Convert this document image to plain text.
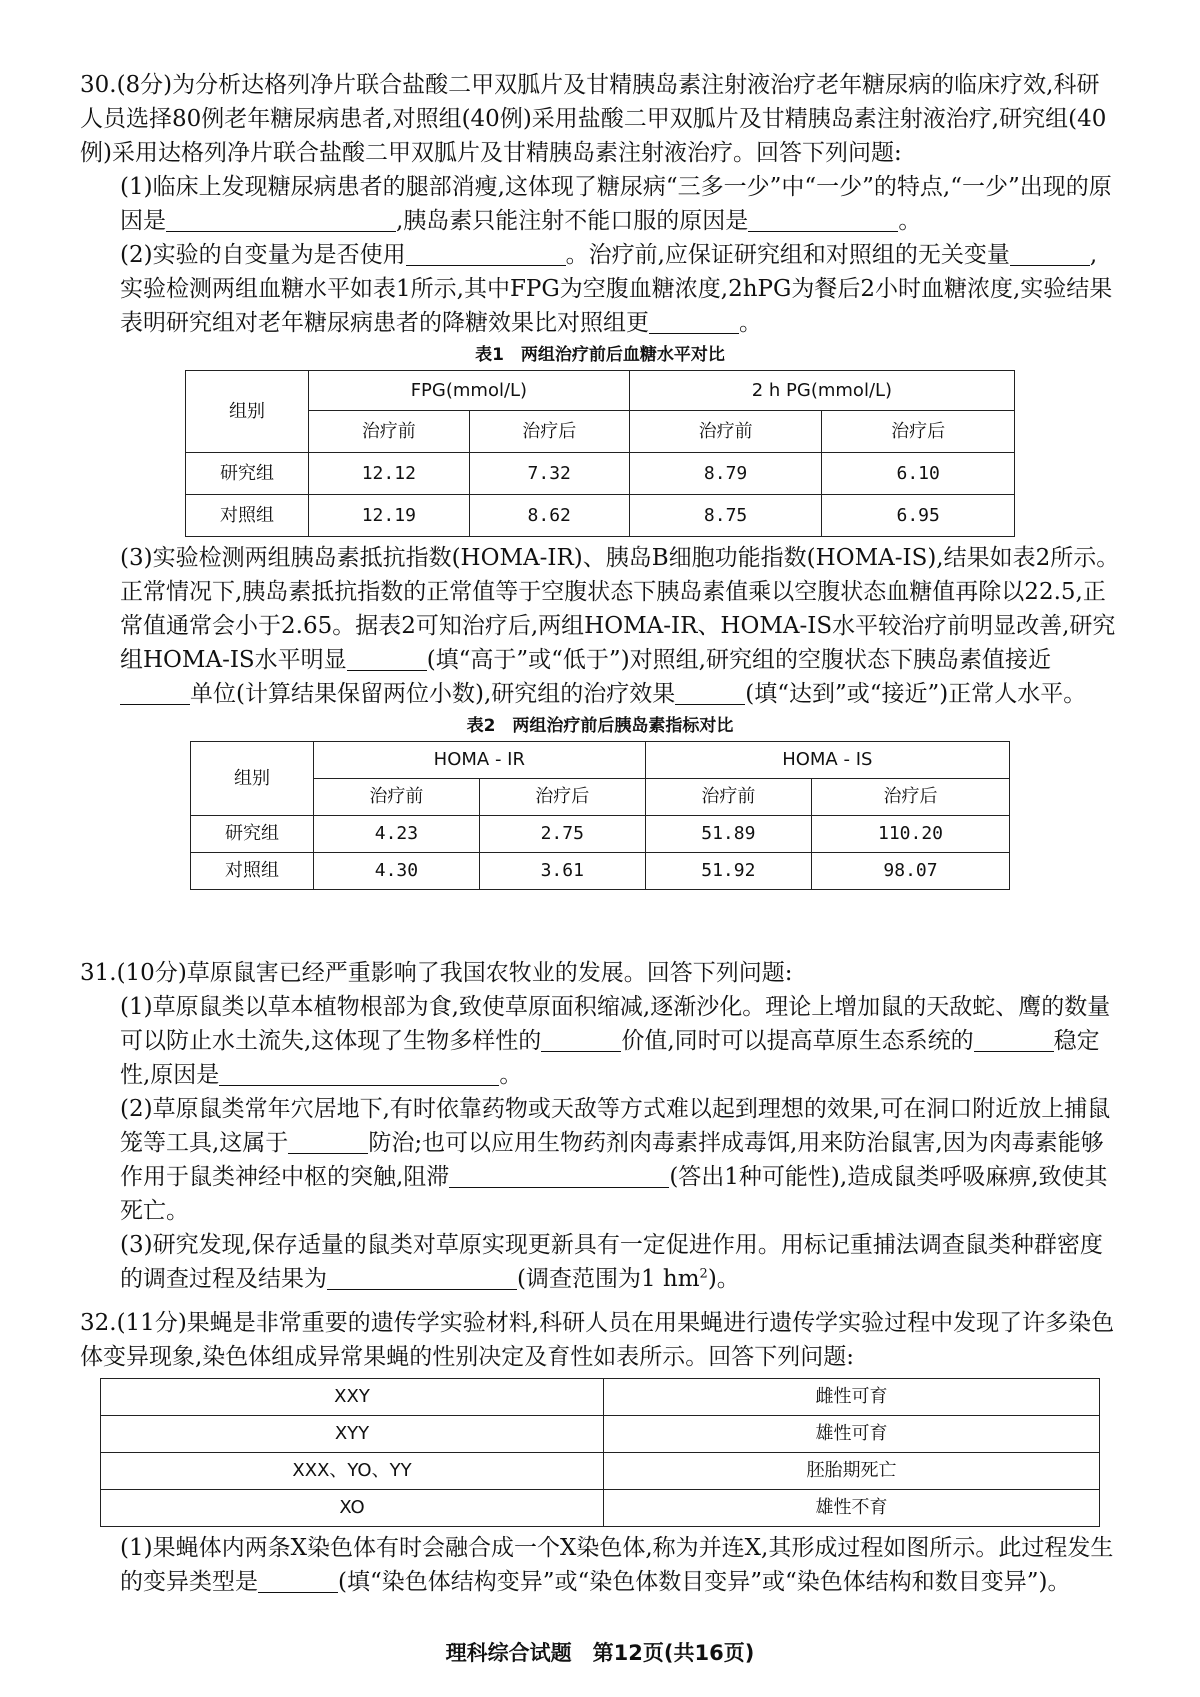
30.(8分)为分析达格列净片联合盐酸二甲双胍片及甘精胰岛素注射液治疗老年糖尿病的临床疗效,科研人员选择80例老年糖尿病患者,对照组(40例)采用盐酸二甲双胍片及甘精胰岛素注射液治疗,研究组(40例)采用达格列净片联合盐酸二甲双胍片及甘精胰岛素注射液治疗。回答下列问题:

(1)临床上发现糖尿病患者的腿部消瘦,这体现了糖尿病“三多一少”中“一少”的特点,“一少”出现的原因是	,胰岛素只能注射不能口服的原因是	。

(2)实验的自变量为是否使用	。治疗前,应保证研究组和对照组的无关变量	,实验检测两组血糖水平如表1所示,其中FPG为空腹血糖浓度,2hPG为餐后2小时血糖浓度,实验结果表明研究组对老年糖尿病患者的降糖效果比对照组更	。

表1　两组治疗前后血糖水平对比
组别	FPG(mmol/L)		2 h PG(mmol/L)	
	治疗前	治疗后	治疗前	治疗后
研究组	12.12	7.32	8.79	6.10
对照组	12.19	8.62	8.75	6.95

(3)实验检测两组胰岛素抵抗指数(HOMA-IR)、胰岛B细胞功能指数(HOMA-IS),结果如表2所示。正常情况下,胰岛素抵抗指数的正常值等于空腹状态下胰岛素值乘以空腹状态血糖值再除以22.5,正常值通常会小于2.65。据表2可知治疗后,两组HOMA-IR、HOMA-IS水平较治疗前明显改善,研究组HOMA-IS水平明显	(填“高于”或“低于”)对照组,研究组的空腹状态下胰岛素值接近单位(计算结果保留两位小数),研究组的治疗效果	(填“达到”或“接近”)正常人水平。

表2　两组治疗前后胰岛素指标对比
组别	HOMA - IR		HOMA - IS	
	治疗前	治疗后	治疗前	治疗后
研究组	4.23	2.75	51.89	110.20
对照组	4.30	3.61	51.92	98.07

31.(10分)草原鼠害已经严重影响了我国农牧业的发展。回答下列问题:

(1)草原鼠类以草本植物根部为食,致使草原面积缩减,逐渐沙化。理论上增加鼠的天敌蛇、鹰的数量可以防止水土流失,这体现了生物多样性的	价值,同时可以提高草原生态系统的	稳定性,原因是	。

(2)草原鼠类常年穴居地下,有时依靠药物或天敌等方式难以起到理想的效果,可在洞口附近放上捕鼠笼等工具,这属于	防治;也可以应用生物药剂肉毒素拌成毒饵,用来防治鼠害,因为肉毒素能够作用于鼠类神经中枢的突触,阻滞	(答出1种可能性),造成鼠类呼吸麻痹,致使其死亡。

(3)研究发现,保存适量的鼠类对草原实现更新具有一定促进作用。用标记重捕法调查鼠类种群密度的调查过程及结果为	(调查范围为1 $hm^2$)。

32.(11分)果蝇是非常重要的遗传学实验材料,科研人员在用果蝇进行遗传学实验过程中发现了许多染色体变异现象,染色体组成异常果蝇的性别决定及育性如表所示。回答下列问题:

XXY	雌性可育
XYY	雄性可育
XXX、YO、YY	胚胎期死亡
XO	雄性不育

(1)果蝇体内两条X染色体有时会融合成一个X染色体,称为并连X,其形成过程如图所示。此过程发生的变异类型是	(填“染色体结构变异”或“染色体数目变异”或“染色体结构和数目变异”)。

理科综合试题　第12页(共16页)
